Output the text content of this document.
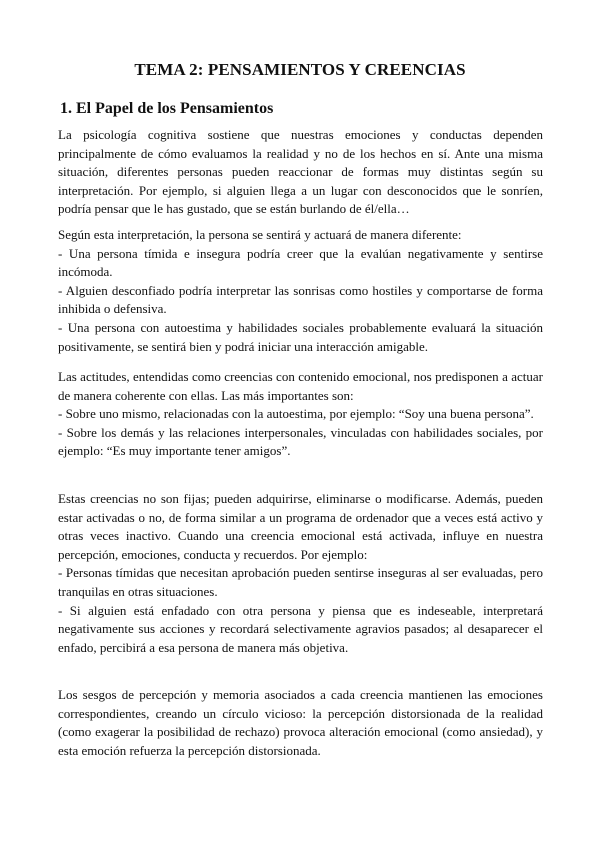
TEMA 2: PENSAMIENTOS Y CREENCIAS
1. El Papel de los Pensamientos

La psicología cognitiva sostiene que nuestras emociones y conductas dependen principalmente de cómo evaluamos la realidad y no de los hechos en sí. Ante una misma situación, diferentes personas pueden reaccionar de formas muy distintas según su interpretación. Por ejemplo, si alguien llega a un lugar con desconocidos que le sonríen, podría pensar que le has gustado, que se están burlando de él/ella…

Según esta interpretación, la persona se sentirá y actuará de manera diferente:

- Una persona tímida e insegura podría creer que la evalúan negativamente y sentirse incómoda.

- Alguien desconfiado podría interpretar las sonrisas como hostiles y comportarse de forma inhibida o defensiva.

- Una persona con autoestima y habilidades sociales probablemente evaluará la situación positivamente, se sentirá bien y podrá iniciar una interacción amigable.

Las actitudes, entendidas como creencias con contenido emocional, nos predisponen a actuar de manera coherente con ellas. Las más importantes son:

- Sobre uno mismo, relacionadas con la autoestima, por ejemplo: “Soy una buena persona”.

- Sobre los demás y las relaciones interpersonales, vinculadas con habilidades sociales, por ejemplo: “Es muy importante tener amigos”.

Estas creencias no son fijas; pueden adquirirse, eliminarse o modificarse. Además, pueden estar activadas o no, de forma similar a un programa de ordenador que a veces está activo y otras veces inactivo. Cuando una creencia emocional está activada, influye en nuestra percepción, emociones, conducta y recuerdos. Por ejemplo:

- Personas tímidas que necesitan aprobación pueden sentirse inseguras al ser evaluadas, pero tranquilas en otras situaciones.

- Si alguien está enfadado con otra persona y piensa que es indeseable, interpretará negativamente sus acciones y recordará selectivamente agravios pasados; al desaparecer el enfado, percibirá a esa persona de manera más objetiva.

Los sesgos de percepción y memoria asociados a cada creencia mantienen las emociones correspondientes, creando un círculo vicioso: la percepción distorsionada de la realidad (como exagerar la posibilidad de rechazo) provoca alteración emocional (como ansiedad), y esta emoción refuerza la percepción distorsionada.
